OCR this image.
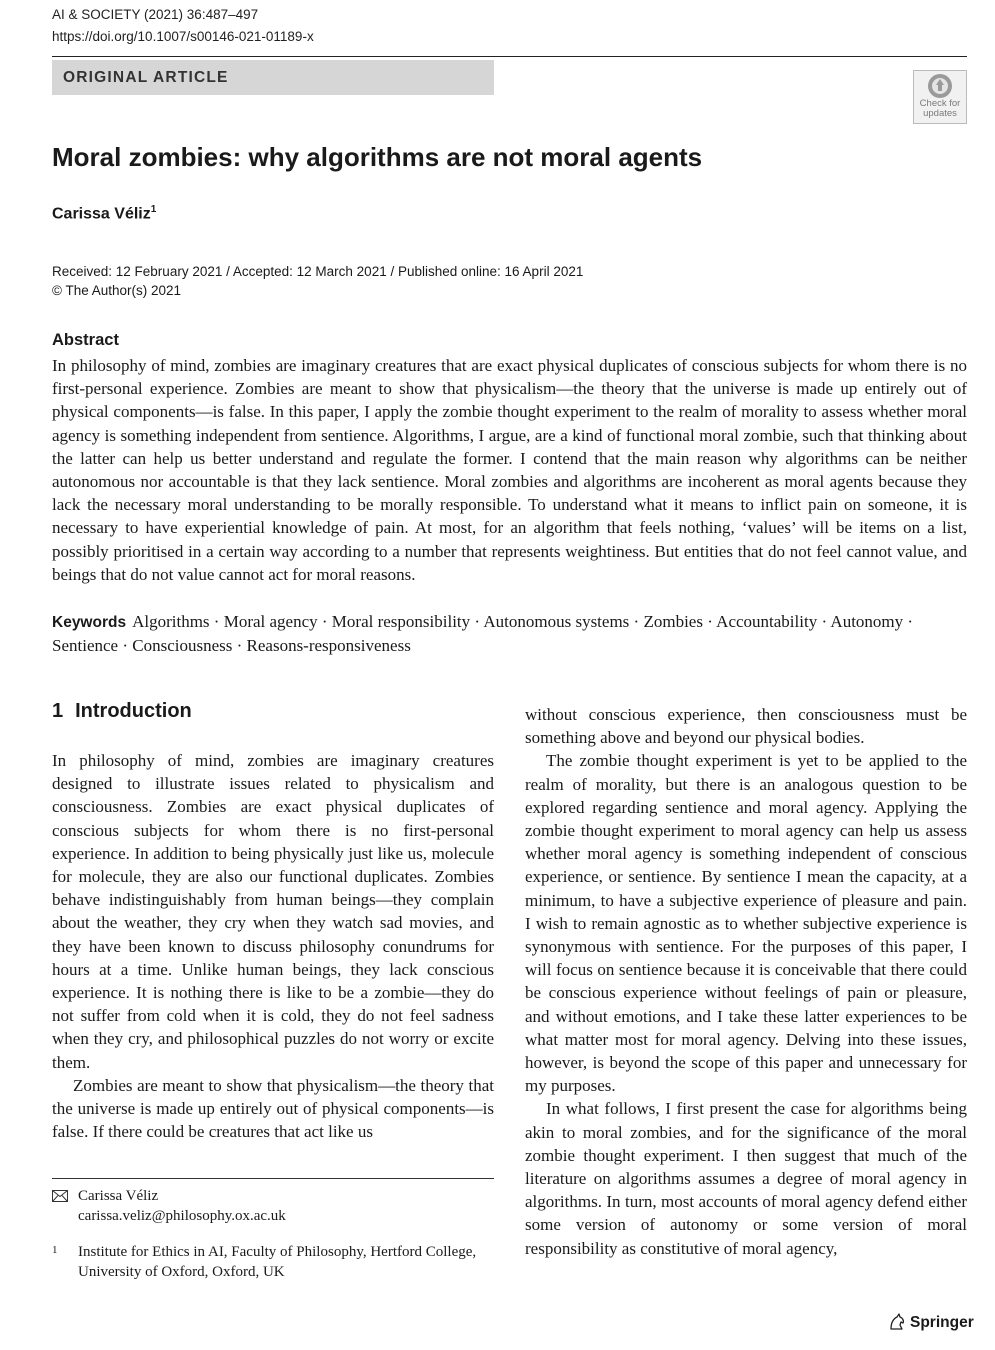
AI & SOCIETY (2021) 36:487–497
https://doi.org/10.1007/s00146-021-01189-x
ORIGINAL ARTICLE
Check for
updates
Moral zombies: why algorithms are not moral agents
Carissa Véliz$^1$
Received: 12 February 2021 / Accepted: 12 March 2021 / Published online: 16 April 2021
© The Author(s) 2021
Abstract
In philosophy of mind, zombies are imaginary creatures that are exact physical duplicates of conscious subjects for whom there is no first-personal experience. Zombies are meant to show that physicalism—the theory that the universe is made up entirely out of physical components—is false. In this paper, I apply the zombie thought experiment to the realm of morality to assess whether moral agency is something independent from sentience. Algorithms, I argue, are a kind of functional moral zombie, such that thinking about the latter can help us better understand and regulate the former. I contend that the main reason why algorithms can be neither autonomous nor accountable is that they lack sentience. Moral zombies and algorithms are incoherent as moral agents because they lack the necessary moral understanding to be morally responsible. To understand what it means to inflict pain on someone, it is necessary to have experiential knowledge of pain. At most, for an algorithm that feels nothing, ‘values’ will be items on a list, possibly prioritised in a certain way according to a number that represents weightiness. But entities that do not feel cannot value, and beings that do not value cannot act for moral reasons.
Keywords Algorithms · Moral agency · Moral responsibility · Autonomous systems · Zombies · Accountability · Autonomy · Sentience · Consciousness · Reasons-responsiveness
1 Introduction

In philosophy of mind, zombies are imaginary creatures designed to illustrate issues related to physicalism and consciousness. Zombies are exact physical duplicates of conscious subjects for whom there is no first-personal experience. In addition to being physically just like us, molecule for molecule, they are also our functional duplicates. Zombies behave indistinguishably from human beings—they complain about the weather, they cry when they watch sad movies, and they have been known to discuss philosophy conundrums for hours at a time. Unlike human beings, they lack conscious experience. It is nothing there is like to be a zombie—they do not suffer from cold when it is cold, they do not feel sadness when they cry, and philosophical puzzles do not worry or excite them.

Zombies are meant to show that physicalism—the theory that the universe is made up entirely out of physical components—is false. If there could be creatures that act like us

without conscious experience, then consciousness must be something above and beyond our physical bodies.

The zombie thought experiment is yet to be applied to the realm of morality, but there is an analogous question to be explored regarding sentience and moral agency. Applying the zombie thought experiment to moral agency can help us assess whether moral agency is something independent of conscious experience, or sentience. By sentience I mean the capacity, at a minimum, to have a subjective experience of pleasure and pain. I wish to remain agnostic as to whether subjective experience is synonymous with sentience. For the purposes of this paper, I will focus on sentience because it is conceivable that there could be conscious experience without feelings of pain or pleasure, and without emotions, and I take these latter experiences to be what matter most for moral agency. Delving into these issues, however, is beyond the scope of this paper and unnecessary for my purposes.

In what follows, I first present the case for algorithms being akin to moral zombies, and for the significance of the moral zombie thought experiment. I then suggest that much of the literature on algorithms assumes a degree of moral agency in algorithms. In turn, most accounts of moral agency defend either some version of autonomy or some version of moral responsibility as constitutive of moral agency,

Carissa Véliz
carissa.veliz@philosophy.ox.ac.uk
1 Institute for Ethics in AI, Faculty of Philosophy, Hertford College, University of Oxford, Oxford, UK
Springer
